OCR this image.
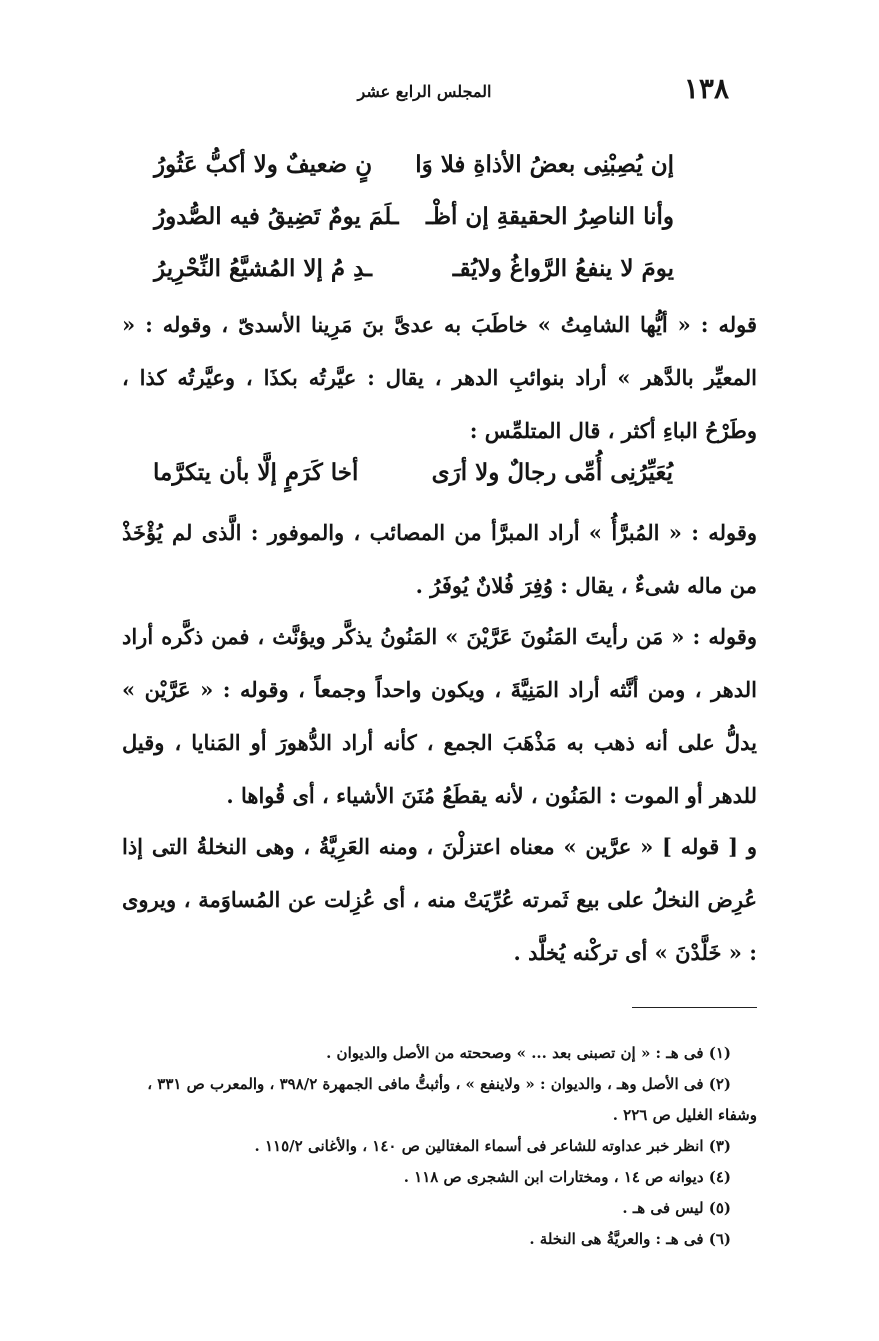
١٣٨
المجلس الرابع عشر
إن يُصِبْنِى بعضُ الأذاةِ فلا وَا
نٍ ضعيفٌ ولا أكبُّ عَثُورُ
وأنا الناصِرُ الحقيقةِ إن أظْـ
ـلَمَ يومٌ تَضِيقُ فيه الصُّدورُ
يومَ لا ينفعُ الرَّواغُ ولايُقـ
ـدِ مُ إلا المُشيَّعُ النِّحْرِيرُ
قوله : « أيُّها الشامِتُ » خاطَبَ به عدىَّ بنَ مَرِينا الأسدىّ ، وقوله : « المعيِّر بالدَّهر » أراد بنوائبِ الدهر ، يقال : عيَّرتُه بكذَا ، وعيَّرتُه كذا ، وطَرْحُ الباءِ أكثر ، قال المتلمِّس :
يُعَيِّرُنِى أُمِّى رجالٌ ولا أرَى
أخا كَرَمٍ إلَّا بأن يتكرَّما
وقوله : « المُبرَّأُ » أراد المبرَّأ من المصائب ، والموفور : الَّذى لم يُؤْخَذْ من ماله شىءٌ ، يقال : وُفِرَ فُلانٌ يُوفَرُ .
وقوله : « مَن رأيتَ المَنُونَ عَرَّيْنَ » المَنُونُ يذكَّر ويؤنَّث ، فمن ذكَّره أراد الدهر ، ومن أنَّثه أراد المَنِيَّةَ ، ويكون واحداً وجمعاً ، وقوله : « عَرَّيْن » يدلُّ على أنه ذهب به مَذْهَبَ الجمع ، كأنه أراد الدُّهورَ أو المَنايا ، وقيل للدهر أو الموت : المَنُون ، لأنه يقطَعُ مُنَنَ الأشياء ، أى قُواها .
و [ قوله ] « عرَّين » معناه اعتزلْنَ ، ومنه العَرِيَّةُ ، وهى النخلةُ التى إذا عُرِض النخلُ على بيع ثَمرته عُرِّيَتْ منه ، أى عُزِلت عن المُساوَمة ، ويروى : « خَلَّدْنَ » أى تركْنه يُخلَّد .
(١) فى هـ : « إن تصبنى بعد ... » وصححته من الأصل والديوان .
(٢) فى الأصل وهـ ، والديوان : « ولاينفع » ، وأثبتُّ مافى الجمهرة ٣٩٨/٢ ، والمعرب ص ٣٣١ ،
وشفاء الغليل ص ٢٢٦ .
(٣) انظر خبر عداوته للشاعر فى أسماء المغتالين ص ١٤٠ ، والأغانى ١١٥/٢ .
(٤) ديوانه ص ١٤ ، ومختارات ابن الشجرى ص ١١٨ .
(٥) ليس فى هـ .
(٦) فى هـ : والعريَّةُ هى النخلة .
